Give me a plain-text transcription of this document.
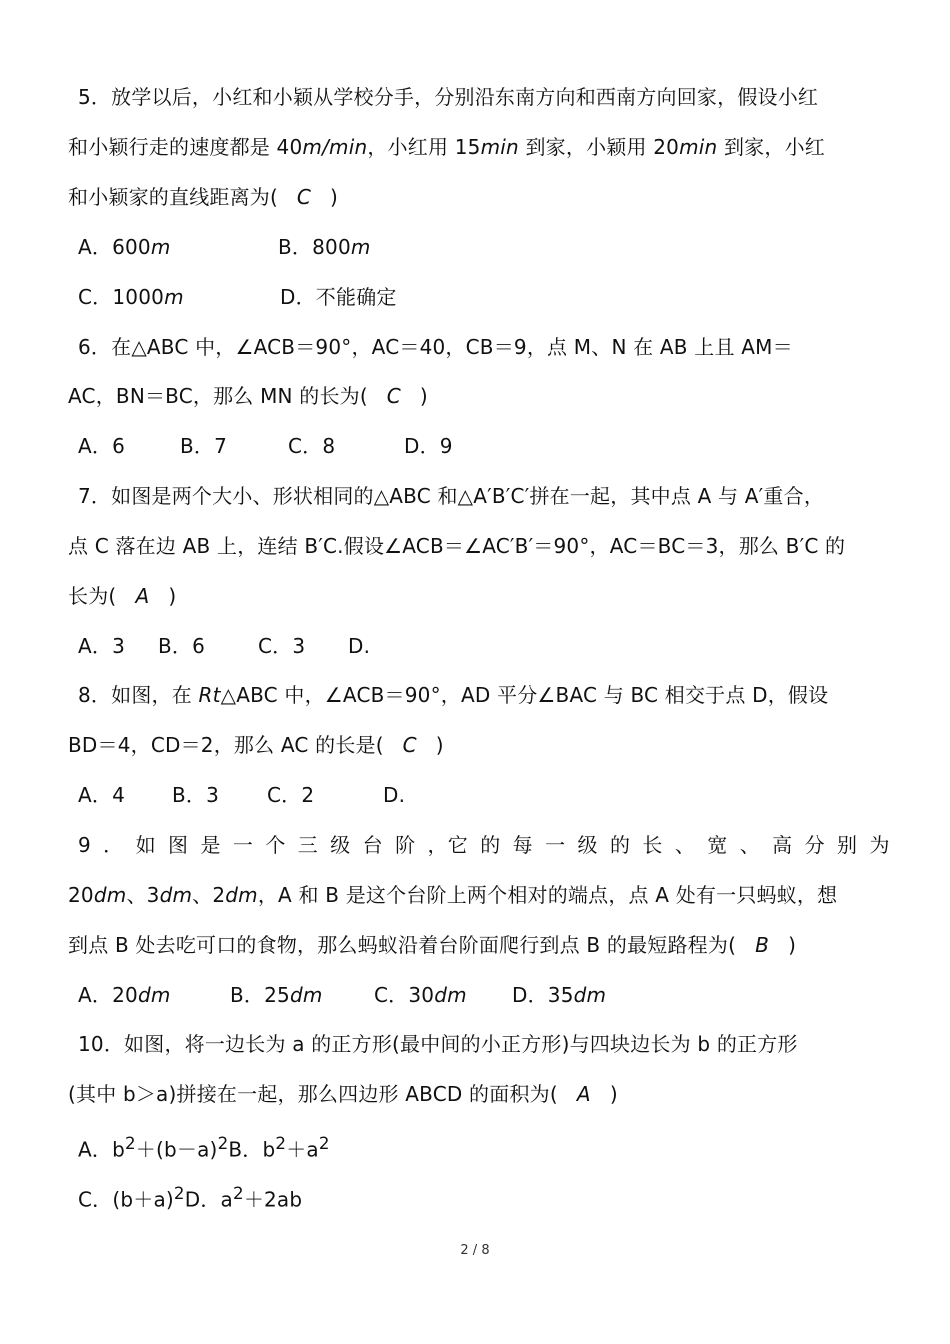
5．放学以后，小红和小颖从学校分手，分别沿东南方向和西南方向回家，假设小红
和小颖行走的速度都是 40m/min，小红用 15min 到家，小颖用 20min 到家，小红
和小颖家的直线距离为( C )
A．600m	B．800m
C．1000m	D．不能确定
6．在△ABC 中，∠ACB＝90°，AC＝40，CB＝9，点 M、N 在 AB 上且 AM＝
AC，BN＝BC，那么 MN 的长为( C )
A．6	B．7	C．8	D．9
7．如图是两个大小、形状相同的△ABC 和△A′B′C′拼在一起，其中点 A 与 A′重合，
点 C 落在边 AB 上，连结 B′C.假设∠ACB＝∠AC′B′＝90°，AC＝BC＝3，那么 B′C 的
长为( A )
A．3 B．6	C．3 D.
8．如图，在 Rt△ABC 中，∠ACB＝90°，AD 平分∠BAC 与 BC 相交于点 D，假设
BD＝4，CD＝2，那么 AC 的长是( C )
A．4 B．3 C．2	D.
9 ． 如 图 是 一 个 三 级 台 阶 ，它 的 每 一 级 的 长 、 宽 、 高 分 别 为
20dm、3dm、2dm，A 和 B 是这个台阶上两个相对的端点，点 A 处有一只蚂蚁，想
到点 B 处去吃可口的食物，那么蚂蚁沿着台阶面爬行到点 B 的最短路程为( B )
A．20dm	B．25dm	C．30dm D．35dm
10．如图，将一边长为 a 的正方形(最中间的小正方形)与四块边长为 b 的正方形
(其中 b＞a)拼接在一起，那么四边形 ABCD 的面积为( A )
A．$b^2+(b-a)^2B$．$b^2+a^2$
C．$(b+a)^2D$．$a^2+2ab$
2 / 8
